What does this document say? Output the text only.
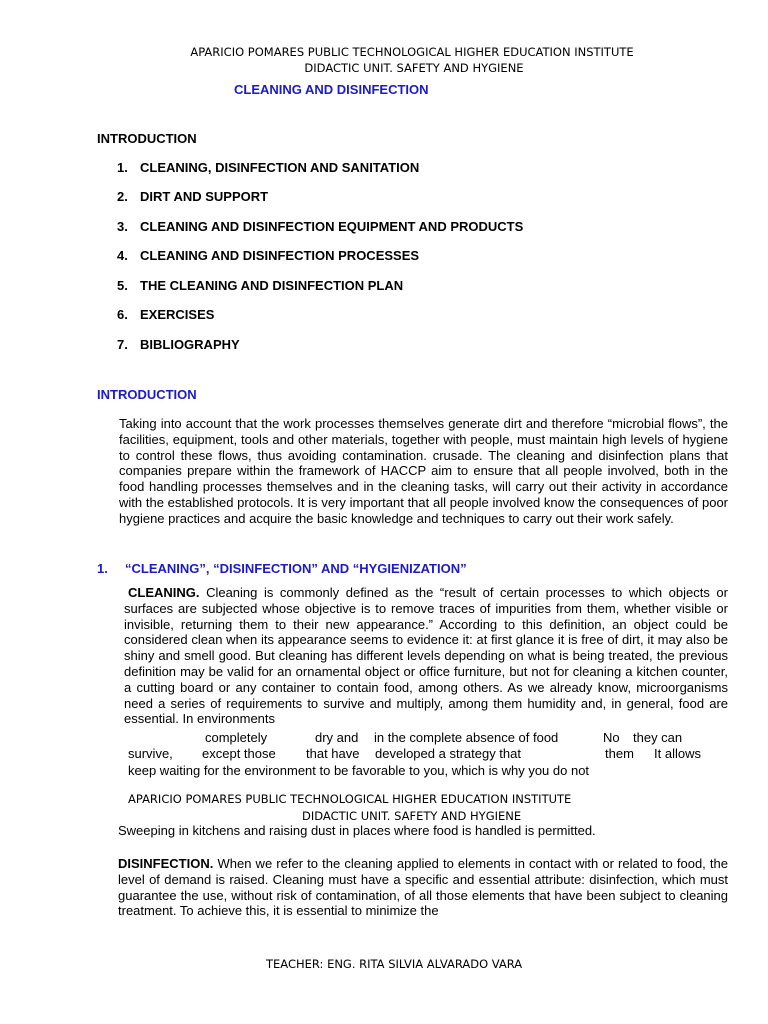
APARICIO POMARES PUBLIC TECHNOLOGICAL HIGHER EDUCATION INSTITUTE
DIDACTIC UNIT. SAFETY AND HYGIENE
CLEANING AND DISINFECTION
INTRODUCTION
1. CLEANING, DISINFECTION AND SANITATION
2. DIRT AND SUPPORT
3. CLEANING AND DISINFECTION EQUIPMENT AND PRODUCTS
4. CLEANING AND DISINFECTION PROCESSES
5. THE CLEANING AND DISINFECTION PLAN
6. EXERCISES
7. BIBLIOGRAPHY
INTRODUCTION
Taking into account that the work processes themselves generate dirt and therefore “microbial flows”, the facilities, equipment, tools and other materials, together with people, must maintain high levels of hygiene to control these flows, thus avoiding contamination. crusade. The cleaning and disinfection plans that companies prepare within the framework of HACCP aim to ensure that all people involved, both in the food handling processes themselves and in the cleaning tasks, will carry out their activity in accordance with the established protocols. It is very important that all people involved know the consequences of poor hygiene practices and acquire the basic knowledge and techniques to carry out their work safely.
1. “CLEANING”, “DISINFECTION” AND “HYGIENIZATION”
CLEANING. Cleaning is commonly defined as the “result of certain processes to which objects or surfaces are subjected whose objective is to remove traces of impurities from them, whether visible or invisible, returning them to their new appearance.” According to this definition, an object could be considered clean when its appearance seems to evidence it: at first glance it is free of dirt, it may also be shiny and smell good. But cleaning has different levels depending on what is being treated, the previous definition may be valid for an ornamental object or office furniture, but not for cleaning a kitchen counter, a cutting board or any container to contain food, among others. As we already know, microorganisms need a series of requirements to survive and multiply, among them humidity and, in general, food are essential. In environments
completely	dry and in the complete absence of food	No they can
survive, except those that have developed a strategy that	them It allows
keep waiting for the environment to be favorable to you, which is why you do not
APARICIO POMARES PUBLIC TECHNOLOGICAL HIGHER EDUCATION INSTITUTE
DIDACTIC UNIT. SAFETY AND HYGIENE
Sweeping in kitchens and raising dust in places where food is handled is permitted.
DISINFECTION. When we refer to the cleaning applied to elements in contact with or related to food, the level of demand is raised. Cleaning must have a specific and essential attribute: disinfection, which must guarantee the use, without risk of contamination, of all those elements that have been subject to cleaning treatment. To achieve this, it is essential to minimize the
TEACHER: ENG. RITA SILVIA ALVARADO VARA
